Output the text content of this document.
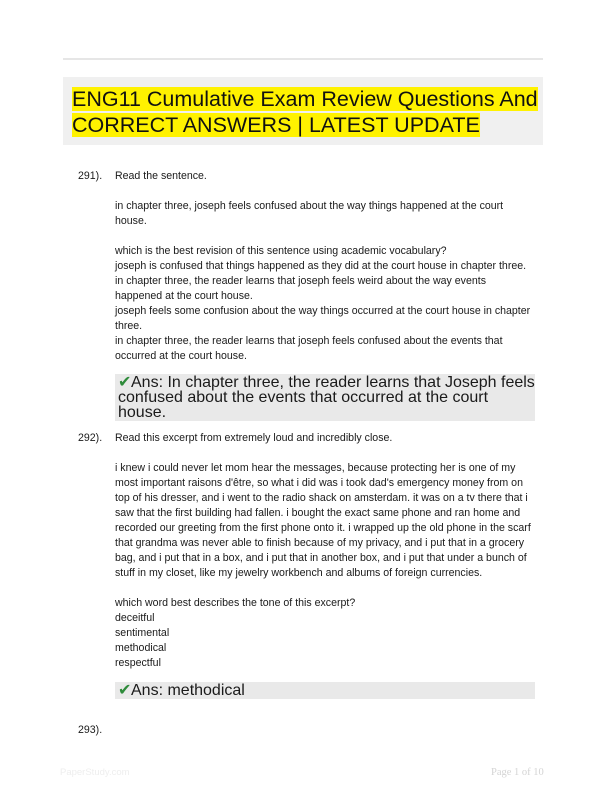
ENG11 Cumulative Exam Review Questions And
CORRECT ANSWERS | LATEST UPDATE
291). Read the sentence.

in chapter three, joseph feels confused about the way things happened at the court house.

which is the best revision of this sentence using academic vocabulary?
joseph is confused that things happened as they did at the court house in chapter three.
in chapter three, the reader learns that joseph feels weird about the way events happened at the court house.
joseph feels some confusion about the way things occurred at the court house in chapter three.
in chapter three, the reader learns that joseph feels confused about the events that occurred at the court house.
✔Ans: In chapter three, the reader learns that Joseph feels confused about the events that occurred at the court house.
292). Read this excerpt from extremely loud and incredibly close.

i knew i could never let mom hear the messages, because protecting her is one of my most important raisons d'être, so what i did was i took dad's emergency money from on top of his dresser, and i went to the radio shack on amsterdam. it was on a tv there that i saw that the first building had fallen. i bought the exact same phone and ran home and recorded our greeting from the first phone onto it. i wrapped up the old phone in the scarf that grandma was never able to finish because of my privacy, and i put that in a grocery bag, and i put that in a box, and i put that in another box, and i put that under a bunch of stuff in my closet, like my jewelry workbench and albums of foreign currencies.

which word best describes the tone of this excerpt?
deceitful
sentimental
methodical
respectful
✔Ans: methodical
293).
PaperStudy.com	Page 1 of 10
